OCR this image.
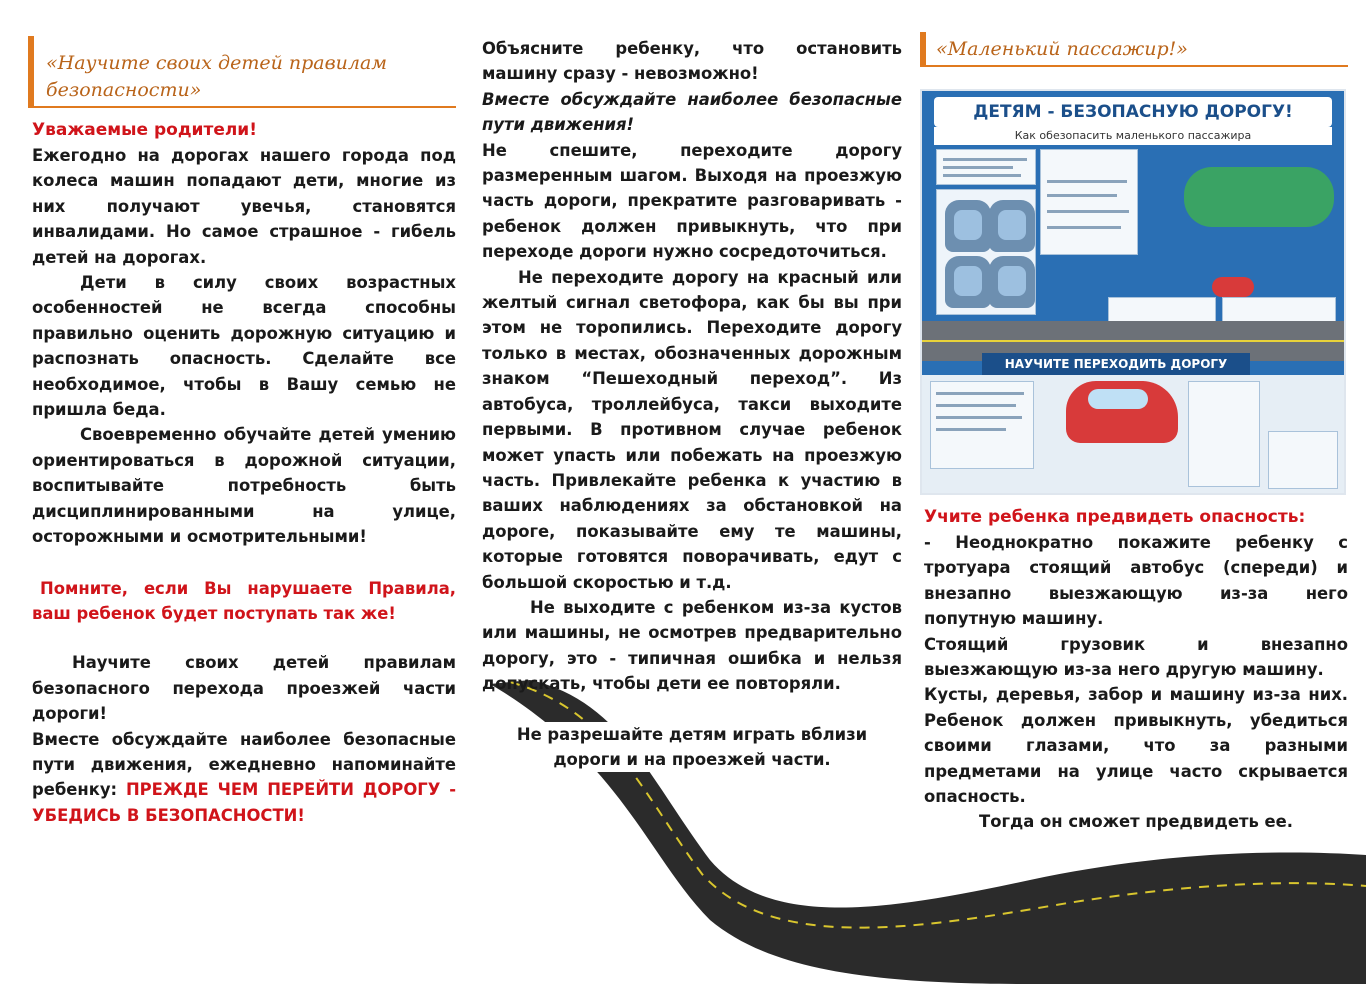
«Научите своих детей правилам безопасности»
Уважаемые родители!

Ежегодно на дорогах нашего города под колеса машин попадают дети, многие из них получают увечья, становятся инвалидами. Но самое страшное - гибель детей на дорогах.

Дети в силу своих возрастных особенностей не всегда способны правильно оценить дорожную ситуацию и распознать опасность. Сделайте все необходимое, чтобы в Вашу семью не пришла беда.

Своевременно обучайте детей умению ориентироваться в дорожной ситуации, воспитывайте потребность быть дисциплинированными на улице, осторожными и осмотрительными!

Помните, если Вы нарушаете Правила, ваш ребенок будет поступать так же!

Научите своих детей правилам безопасного перехода проезжей части дороги!

Вместе обсуждайте наиболее безопасные пути движения, ежедневно напоминайте ребенку: ПРЕЖДЕ ЧЕМ ПЕРЕЙТИ ДОРОГУ - УБЕДИСЬ В БЕЗОПАСНОСТИ!

Объясните ребенку, что остановить машину сразу - невозможно!

Вместе обсуждайте наиболее безопасные пути движения!

Не спешите, переходите дорогу размеренным шагом. Выходя на проезжую часть дороги, прекратите разговаривать - ребенок должен привыкнуть, что при переходе дороги нужно сосредоточиться.

Не переходите дорогу на красный или желтый сигнал светофора, как бы вы при этом не торопились. Переходите дорогу только в местах, обозначенных дорожным знаком “Пешеходный переход”. Из автобуса, троллейбуса, такси выходите первыми. В противном случае ребенок может упасть или побежать на проезжую часть. Привлекайте ребенка к участию в ваших наблюдениях за обстановкой на дороге, показывайте ему те машины, которые готовятся поворачивать, едут с большой скоростью и т.д.

Не выходите с ребенком из-за кустов или машины, не осмотрев предварительно дорогу, это - типичная ошибка и нельзя допускать, чтобы дети ее повторяли.

Не разрешайте детям играть вблизи дороги и на проезжей части.

«Маленький пассажир!»
ДЕТЯМ - БЕЗОПАСНУЮ ДОРОГУ!
Как обезопасить маленького пассажира
НАУЧИТЕ ПЕРЕХОДИТЬ ДОРОГУ
Учите ребенка предвидеть опасность:

- Неоднократно покажите ребенку с тротуара стоящий автобус (спереди) и внезапно выезжающую из-за него попутную машину.

Стоящий грузовик и внезапно выезжающую из-за него другую машину.

Кусты, деревья, забор и машину из-за них. Ребенок должен привыкнуть, убедиться своими глазами, что за разными предметами на улице часто скрывается опасность.

Тогда он сможет предвидеть ее.
